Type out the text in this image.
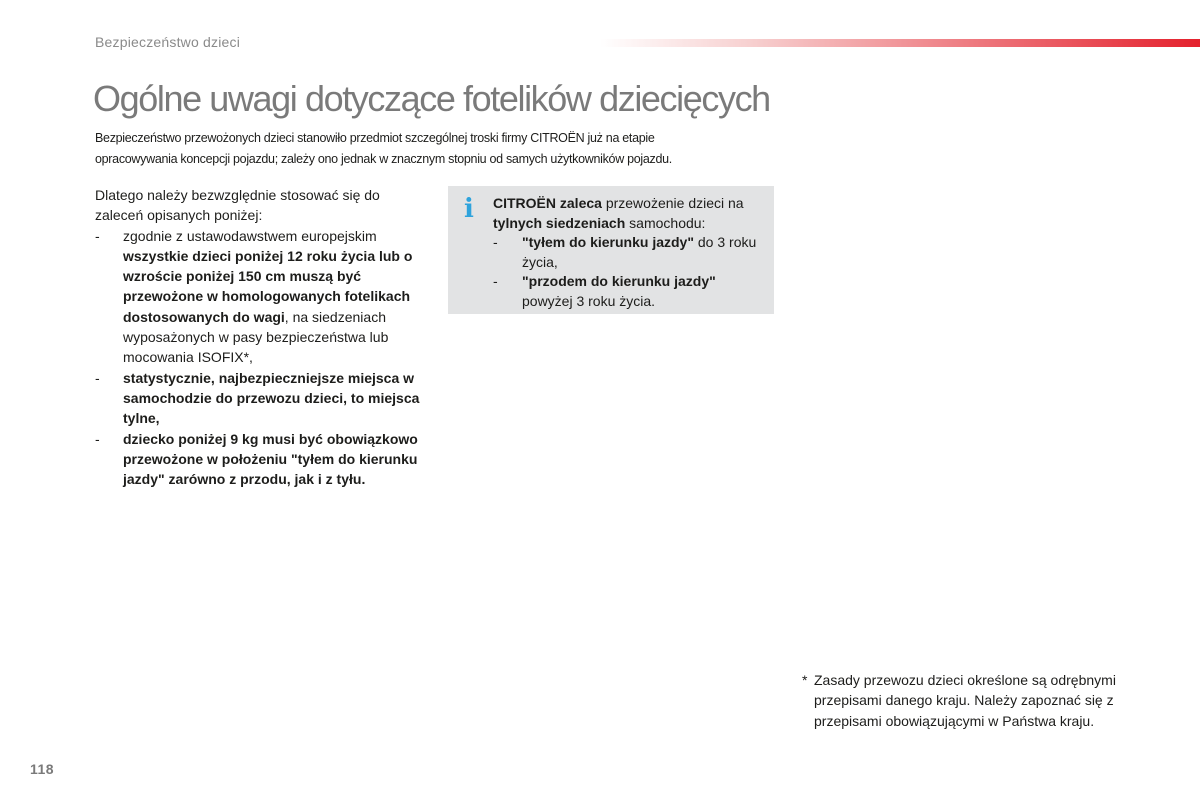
Bezpieczeństwo dzieci
Ogólne uwagi dotyczące fotelików dziecięcych

Bezpieczeństwo przewożonych dzieci stanowiło przedmiot szczególnej troski firmy CITROËN już na etapie

opracowywania koncepcji pojazdu; zależy ono jednak w znacznym stopniu od samych użytkowników pojazdu.

Dlatego należy bezwzględnie stosować się do zaleceń opisanych poniżej:

- zgodnie z ustawodawstwem europejskim wszystkie dzieci poniżej 12 roku życia lub o wzroście poniżej 150 cm muszą być przewożone w homologowanych fotelikach dostosowanych do wagi, na siedzeniach wyposażonych w pasy bezpieczeństwa lub mocowania ISOFIX*,
- statystycznie, najbezpieczniejsze miejsca w samochodzie do przewozu dzieci, to miejsca tylne,
- dziecko poniżej 9 kg musi być obowiązkowo przewożone w położeniu "tyłem do kierunku jazdy" zarówno z przodu, jak i z tyłu.
i CITROËN zaleca przewożenie dzieci na tylnych siedzeniach samochodu:

- "tyłem do kierunku jazdy" do 3 roku życia,
- "przodem do kierunku jazdy" powyżej 3 roku życia.
* Zasady przewozu dzieci określone są odrębnymi przepisami danego kraju. Należy zapoznać się z przepisami obowiązującymi w Państwa kraju.
118
